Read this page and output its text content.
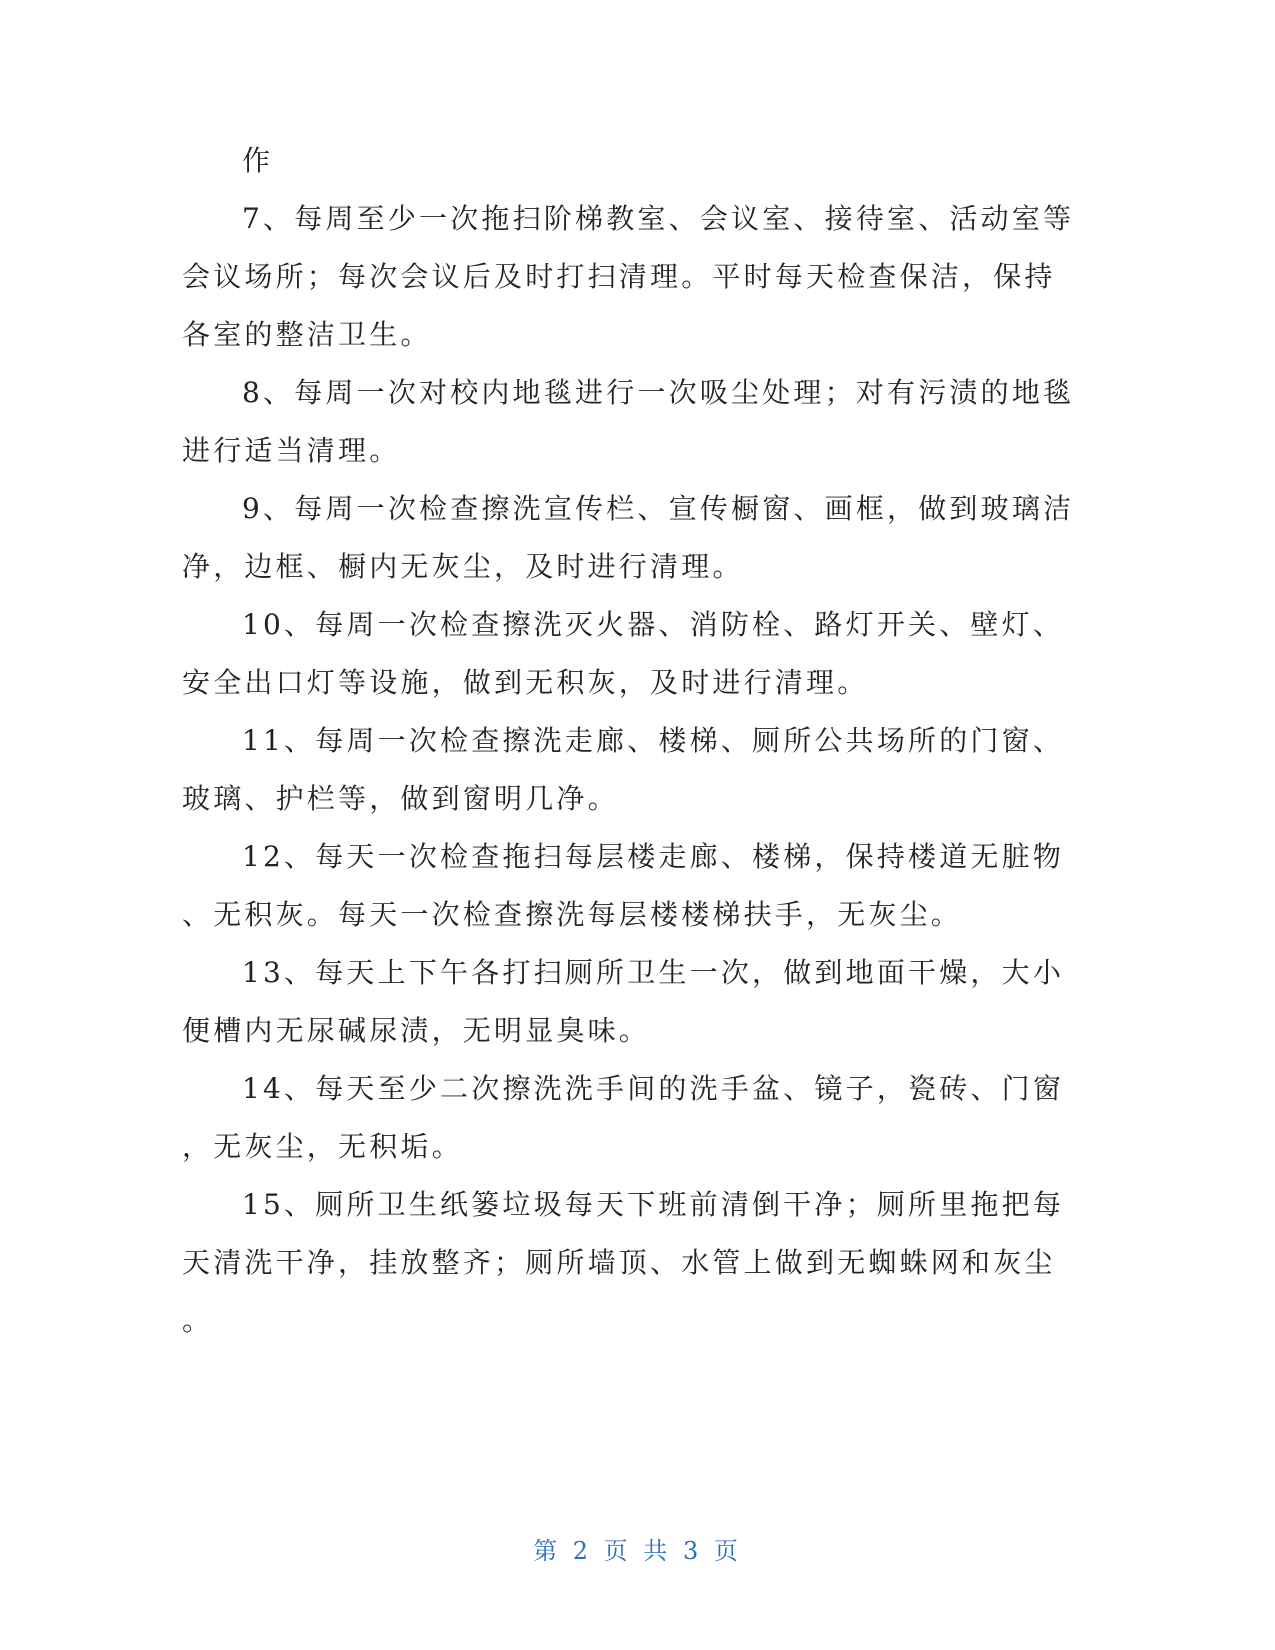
作
7、每周至少一次拖扫阶梯教室、会议室、接待室、活动室等
会议场所；每次会议后及时打扫清理。平时每天检查保洁，保持
各室的整洁卫生。
8、每周一次对校内地毯进行一次吸尘处理；对有污渍的地毯
进行适当清理。
9、每周一次检查擦洗宣传栏、宣传橱窗、画框，做到玻璃洁
净，边框、橱内无灰尘，及时进行清理。
10、每周一次检查擦洗灭火器、消防栓、路灯开关、壁灯、
安全出口灯等设施，做到无积灰，及时进行清理。
11、每周一次检查擦洗走廊、楼梯、厕所公共场所的门窗、
玻璃、护栏等，做到窗明几净。
12、每天一次检查拖扫每层楼走廊、楼梯，保持楼道无脏物
、无积灰。每天一次检查擦洗每层楼楼梯扶手，无灰尘。
13、每天上下午各打扫厕所卫生一次，做到地面干燥，大小
便槽内无尿碱尿渍，无明显臭味。
14、每天至少二次擦洗洗手间的洗手盆、镜子，瓷砖、门窗
，无灰尘，无积垢。
15、厕所卫生纸篓垃圾每天下班前清倒干净；厕所里拖把每
天清洗干净，挂放整齐；厕所墙顶、水管上做到无蜘蛛网和灰尘
。
第 2 页 共 3 页
